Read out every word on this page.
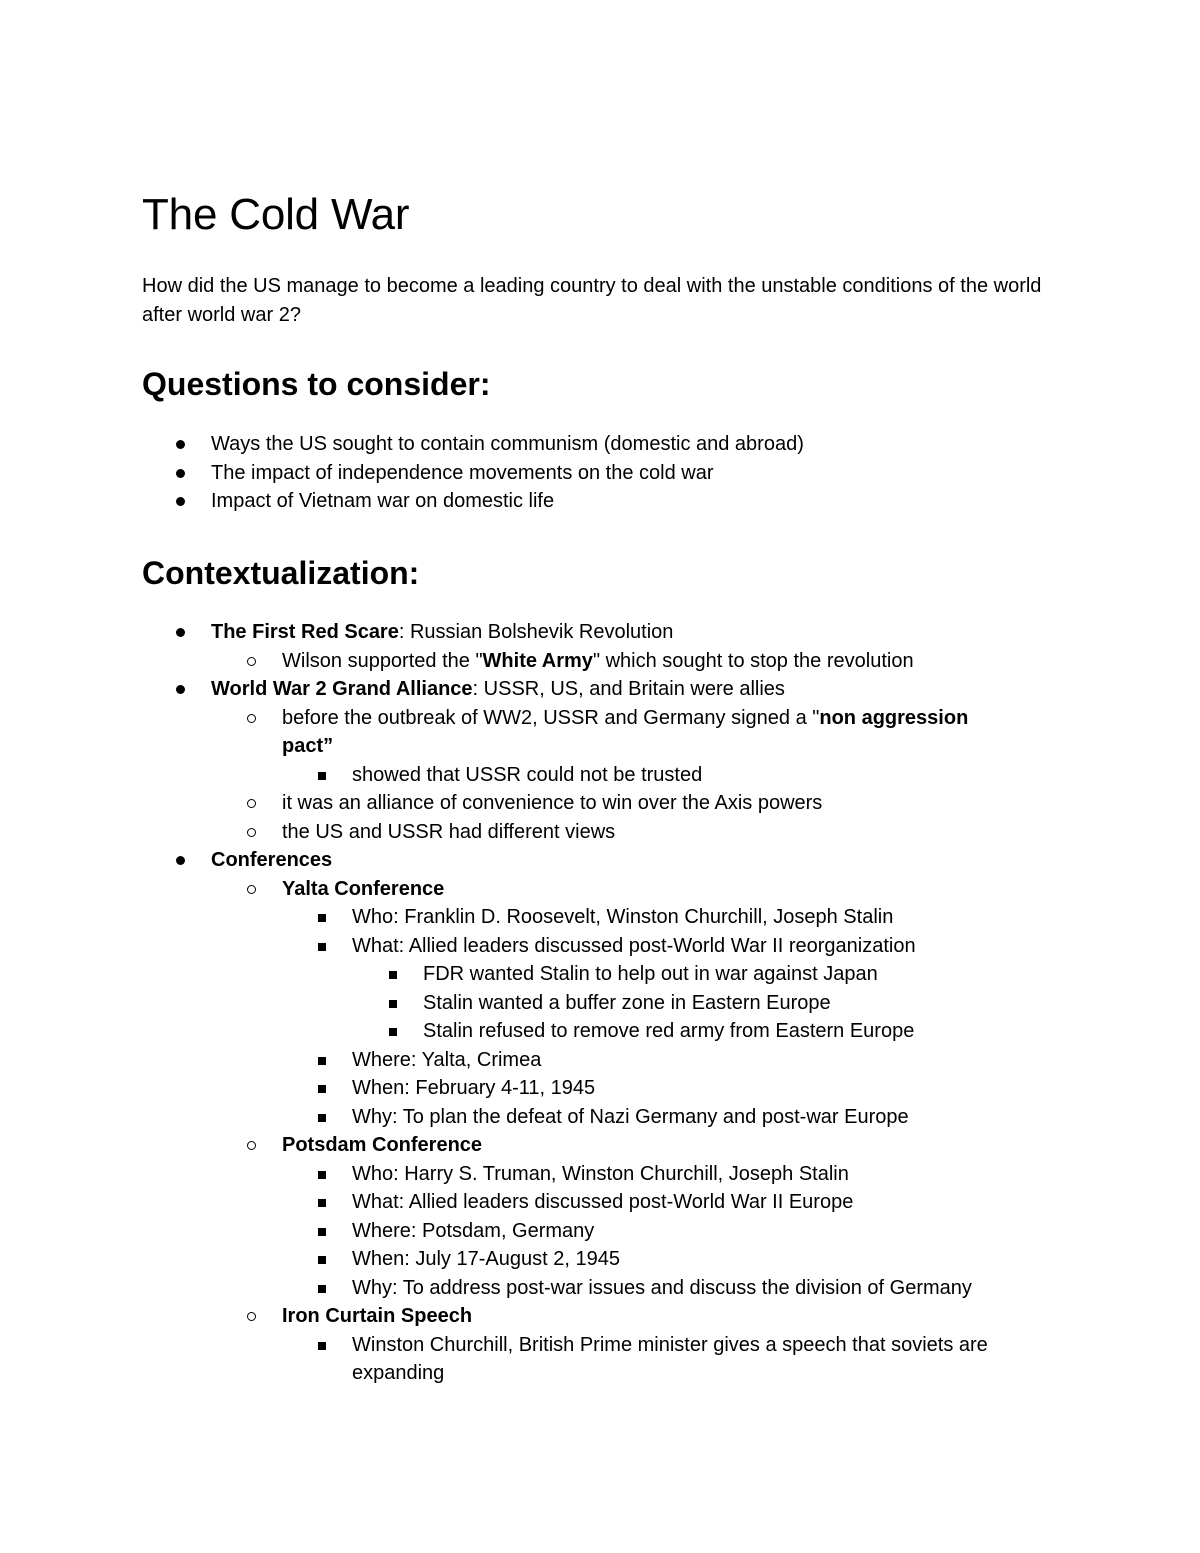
The Cold War

How did the US manage to become a leading country to deal with the unstable conditions of the world after world war 2?

Questions to consider:
Ways the US sought to contain communism (domestic and abroad)
The impact of independence movements on the cold war
Impact of Vietnam war on domestic life
Contextualization:
The First Red Scare: Russian Bolshevik Revolution
Wilson supported the "White Army" which sought to stop the revolution
World War 2 Grand Alliance: USSR, US, and Britain were allies
before the outbreak of WW2, USSR and Germany signed a "non aggression
pact”
showed that USSR could not be trusted
it was an alliance of convenience to win over the Axis powers
the US and USSR had different views
Conferences
Yalta Conference
Who: Franklin D. Roosevelt, Winston Churchill, Joseph Stalin
What: Allied leaders discussed post-World War II reorganization
FDR wanted Stalin to help out in war against Japan
Stalin wanted a buffer zone in Eastern Europe
Stalin refused to remove red army from Eastern Europe
Where: Yalta, Crimea
When: February 4-11, 1945
Why: To plan the defeat of Nazi Germany and post-war Europe
Potsdam Conference
Who: Harry S. Truman, Winston Churchill, Joseph Stalin
What: Allied leaders discussed post-World War II Europe
Where: Potsdam, Germany
When: July 17-August 2, 1945
Why: To address post-war issues and discuss the division of Germany
Iron Curtain Speech
Winston Churchill, British Prime minister gives a speech that soviets are
expanding
